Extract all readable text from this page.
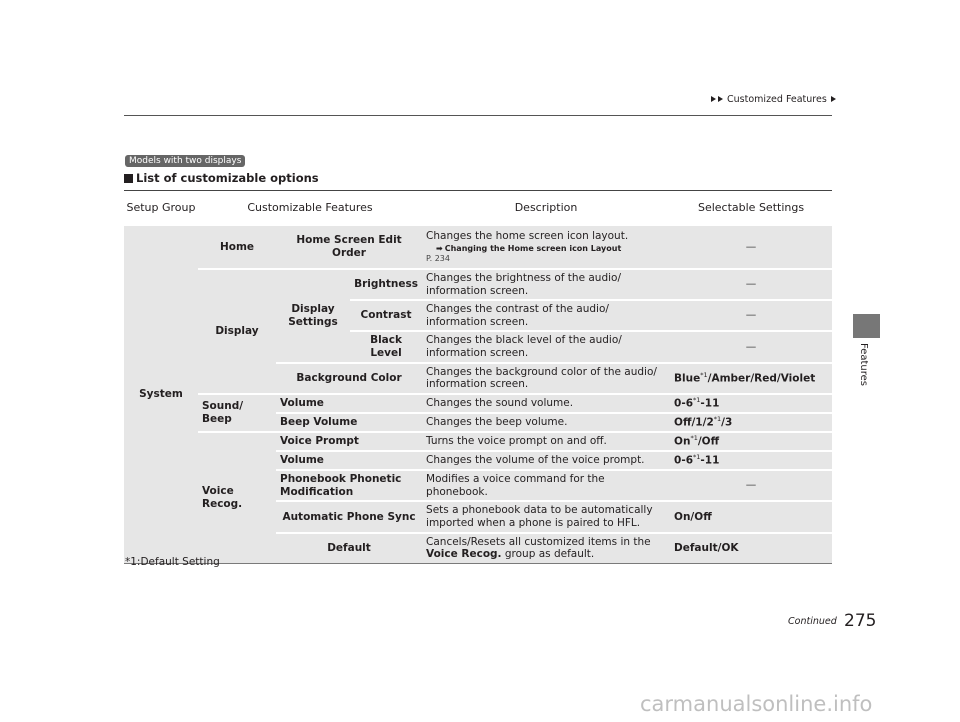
Customized Features
Features
Models with two displays
List of customizable options
Setup Group	Customizable Features			Description	Selectable Settings
System	Home	Home Screen Edit Order		Changes the home screen icon layout.
➡ Changing the Home screen icon Layout
P. 234	—
	Display	Display Settings	Brightness	Changes the brightness of the audio/ information screen.	—
			Contrast	Changes the contrast of the audio/ information screen.	—
			Black Level	Changes the black level of the audio/ information screen.	—
		Background Color		Changes the background color of the audio/ information screen.	Blue$^{*1}$/Amber/Red/Violet
	Sound/ Beep	Volume		Changes the sound volume.	0-6$^{*1}$-11
		Beep Volume		Changes the beep volume.	Off/1/2$^{*1}$/3
	Voice Recog.	Voice Prompt		Turns the voice prompt on and off.	On$^{*1}$/Off
		Volume		Changes the volume of the voice prompt.	0-6$^{*1}$-11
		Phonebook Phonetic Modification		Modifies a voice command for the phonebook.	—
		Automatic Phone Sync		Sets a phonebook data to be automatically imported when a phone is paired to HFL.	On/Off
		Default		Cancels/Resets all customized items in the
Voice Recog. group as default.	Default/OK
*1:Default Setting
Continued 275
carmanualsonline.info
